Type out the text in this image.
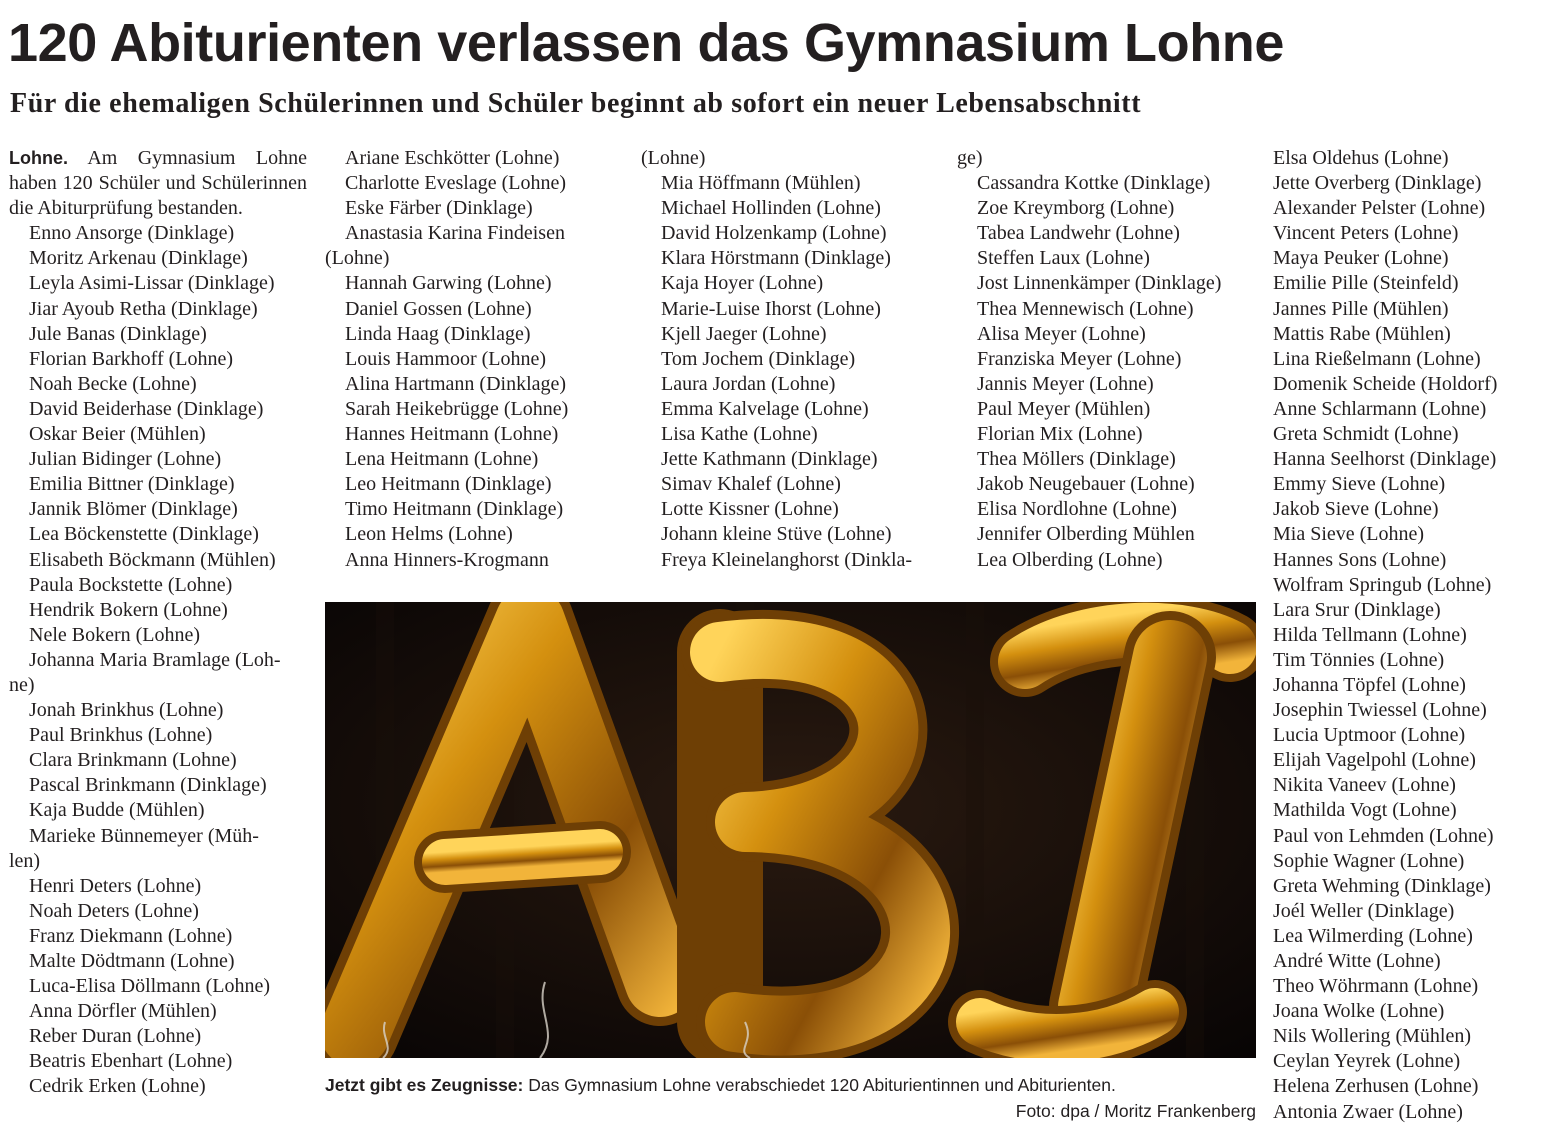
120 Abiturienten verlassen das Gymnasium Lohne
Für die ehemaligen Schülerinnen und Schüler beginnt ab sofort ein neuer Lebensabschnitt
Lohne. Am Gymnasium Lohne haben 120 Schüler und Schülerinnen die Abiturprüfung bestanden.
Enno Ansorge (Dinklage)
Moritz Arkenau (Dinklage)
Leyla Asimi-Lissar (Dinklage)
Jiar Ayoub Retha (Dinklage)
Jule Banas (Dinklage)
Florian Barkhoff (Lohne)
Noah Becke (Lohne)
David Beiderhase (Dinklage)
Oskar Beier (Mühlen)
Julian Bidinger (Lohne)
Emilia Bittner (Dinklage)
Jannik Blömer (Dinklage)
Lea Böckenstette (Dinklage)
Elisabeth Böckmann (Mühlen)
Paula Bockstette (Lohne)
Hendrik Bokern (Lohne)
Nele Bokern (Lohne)
Johanna Maria Bramlage (Loh-
ne)
Jonah Brinkhus (Lohne)
Paul Brinkhus (Lohne)
Clara Brinkmann (Lohne)
Pascal Brinkmann (Dinklage)
Kaja Budde (Mühlen)
Marieke Bünnemeyer (Müh-
len)
Henri Deters (Lohne)
Noah Deters (Lohne)
Franz Diekmann (Lohne)
Malte Dödtmann (Lohne)
Luca-Elisa Döllmann (Lohne)
Anna Dörfler (Mühlen)
Reber Duran (Lohne)
Beatris Ebenhart (Lohne)
Cedrik Erken (Lohne)
Ariane Eschkötter (Lohne)
Charlotte Eveslage (Lohne)
Eske Färber (Dinklage)
Anastasia Karina Findeisen
(Lohne)
Hannah Garwing (Lohne)
Daniel Gossen (Lohne)
Linda Haag (Dinklage)
Louis Hammoor (Lohne)
Alina Hartmann (Dinklage)
Sarah Heikebrügge (Lohne)
Hannes Heitmann (Lohne)
Lena Heitmann (Lohne)
Leo Heitmann (Dinklage)
Timo Heitmann (Dinklage)
Leon Helms (Lohne)
Anna Hinners-Krogmann
(Lohne)
Mia Höffmann (Mühlen)
Michael Hollinden (Lohne)
David Holzenkamp (Lohne)
Klara Hörstmann (Dinklage)
Kaja Hoyer (Lohne)
Marie-Luise Ihorst (Lohne)
Kjell Jaeger (Lohne)
Tom Jochem (Dinklage)
Laura Jordan (Lohne)
Emma Kalvelage (Lohne)
Lisa Kathe (Lohne)
Jette Kathmann (Dinklage)
Simav Khalef (Lohne)
Lotte Kissner (Lohne)
Johann kleine Stüve (Lohne)
Freya Kleinelanghorst (Dinkla-
ge)
Cassandra Kottke (Dinklage)
Zoe Kreymborg (Lohne)
Tabea Landwehr (Lohne)
Steffen Laux (Lohne)
Jost Linnenkämper (Dinklage)
Thea Mennewisch (Lohne)
Alisa Meyer (Lohne)
Franziska Meyer (Lohne)
Jannis Meyer (Lohne)
Paul Meyer (Mühlen)
Florian Mix (Lohne)
Thea Möllers (Dinklage)
Jakob Neugebauer (Lohne)
Elisa Nordlohne (Lohne)
Jennifer Olberding Mühlen
Lea Olberding (Lohne)
Elsa Oldehus (Lohne)
Jette Overberg (Dinklage)
Alexander Pelster (Lohne)
Vincent Peters (Lohne)
Maya Peuker (Lohne)
Emilie Pille (Steinfeld)
Jannes Pille (Mühlen)
Mattis Rabe (Mühlen)
Lina Rießelmann (Lohne)
Domenik Scheide (Holdorf)
Anne Schlarmann (Lohne)
Greta Schmidt (Lohne)
Hanna Seelhorst (Dinklage)
Emmy Sieve (Lohne)
Jakob Sieve (Lohne)
Mia Sieve (Lohne)
Hannes Sons (Lohne)
Wolfram Springub (Lohne)
Lara Srur (Dinklage)
Hilda Tellmann (Lohne)
Tim Tönnies (Lohne)
Johanna Töpfel (Lohne)
Josephin Twiessel (Lohne)
Lucia Uptmoor (Lohne)
Elijah Vagelpohl (Lohne)
Nikita Vaneev (Lohne)
Mathilda Vogt (Lohne)
Paul von Lehmden (Lohne)
Sophie Wagner (Lohne)
Greta Wehming (Dinklage)
Joél Weller (Dinklage)
Lea Wilmerding (Lohne)
André Witte (Lohne)
Theo Wöhrmann (Lohne)
Joana Wolke (Lohne)
Nils Wollering (Mühlen)
Ceylan Yeyrek (Lohne)
Helena Zerhusen (Lohne)
Antonia Zwaer (Lohne)
Jetzt gibt es Zeugnisse: Das Gymnasium Lohne verabschiedet 120 Abiturientinnen und Abiturienten.
Foto: dpa / Moritz Frankenberg
